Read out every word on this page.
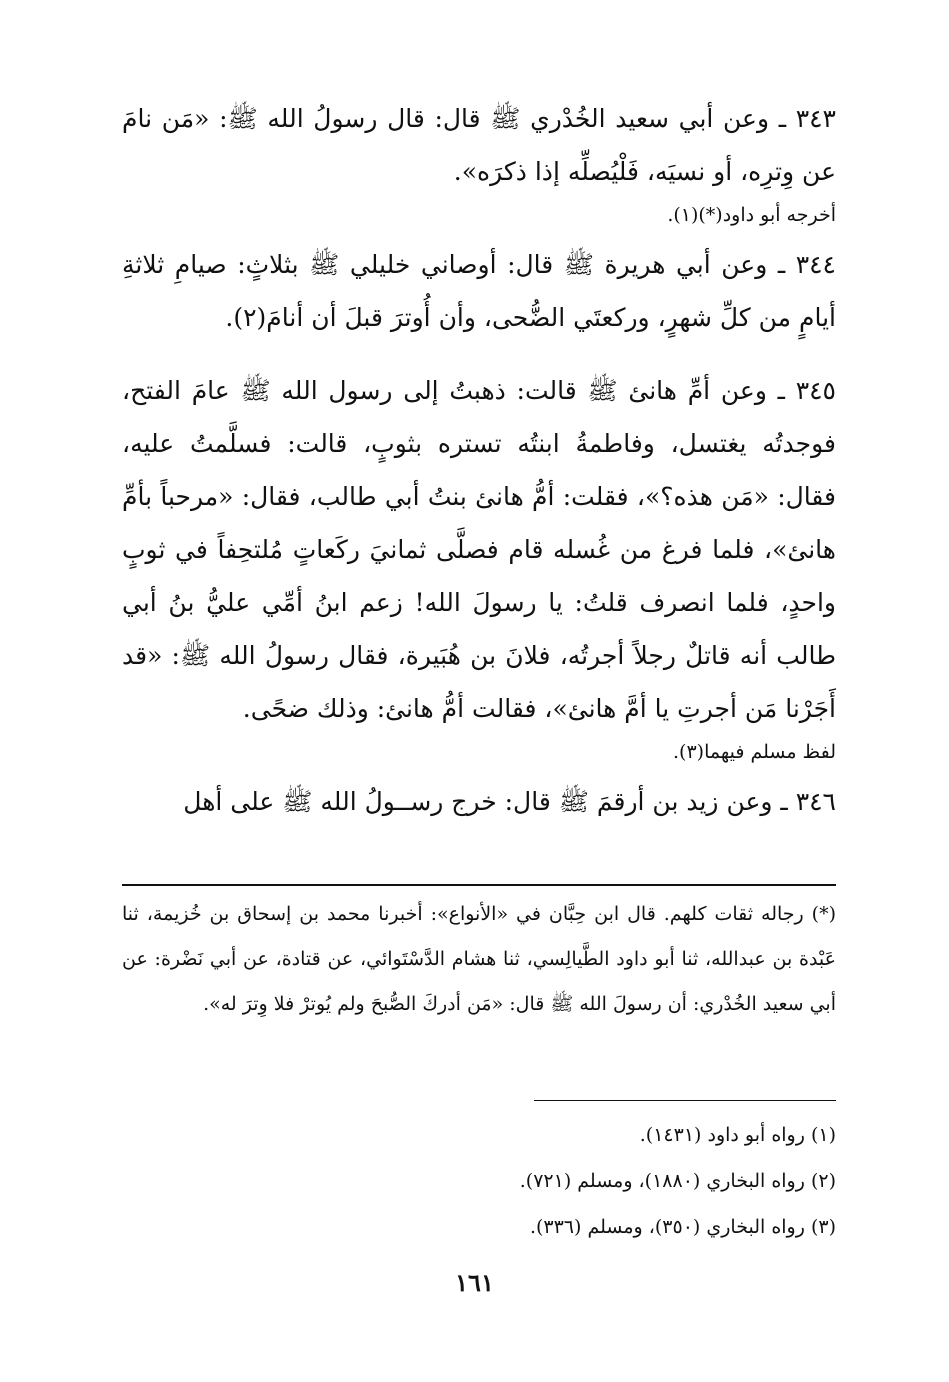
٣٤٣ ـ وعن أبي سعيد الخُدْري ﷺ قال: قال رسولُ الله ﷺ: «مَن نامَ عن وِترِه، أو نسيَه، فَلْيُصلِّه إذا ذكرَه».

أخرجه أبو داود(*)(١).

٣٤٤ ـ وعن أبي هريرة ﷺ قال: أوصاني خليلي ﷺ بثلاثٍ: صيامِ ثلاثةِ أيامٍ من كلِّ شهرٍ، وركعتَي الضُّحى، وأن أُوترَ قبلَ أن أنامَ(٢).

٣٤٥ ـ وعن أمِّ هانئ ﷺ قالت: ذهبتُ إلى رسول الله ﷺ عامَ الفتح، فوجدتُه يغتسل، وفاطمةُ ابنتُه تستره بثوبٍ، قالت: فسلَّمتُ عليه، فقال: «مَن هذه؟»، فقلت: أمُّ هانئ بنتُ أبي طالب، فقال: «مرحباً بأمِّ هانئ»، فلما فرغ من غُسله قام فصلَّى ثمانيَ ركَعاتٍ مُلتحِفاً في ثوبٍ واحدٍ، فلما انصرف قلتُ: يا رسولَ الله! زعم ابنُ أمِّي عليُّ بنُ أبي طالب أنه قاتلٌ رجلاً أجرتُه، فلانَ بن هُبَيرة، فقال رسولُ الله ﷺ: «قد أَجَرْنا مَن أجرتِ يا أمَّ هانئ»، فقالت أمُّ هانئ: وذلك ضحًى.

لفظ مسلم فيهما(٣).

٣٤٦ ـ وعن زيد بن أرقمَ ﷺ قال: خرج رســولُ الله ﷺ على أهل

(*) رجاله ثقات كلهم. قال ابن حِبَّان في «الأنواع»: أخبرنا محمد بن إسحاق بن خُزيمة، ثنا عَبْدة بن عبدالله، ثنا أبو داود الطَّيالِسي، ثنا هشام الدَّسْتَوائي، عن قتادة، عن أبي نَضْرة: عن أبي سعيد الخُدْري: أن رسولَ الله ﷺ قال: «مَن أدركَ الصُّبحَ ولم يُوترْ فلا وِترَ له».

(١) رواه أبو داود (١٤٣١).
(٢) رواه البخاري (١٨٨٠)، ومسلم (٧٢١).
(٣) رواه البخاري (٣٥٠)، ومسلم (٣٣٦).
١٦١
